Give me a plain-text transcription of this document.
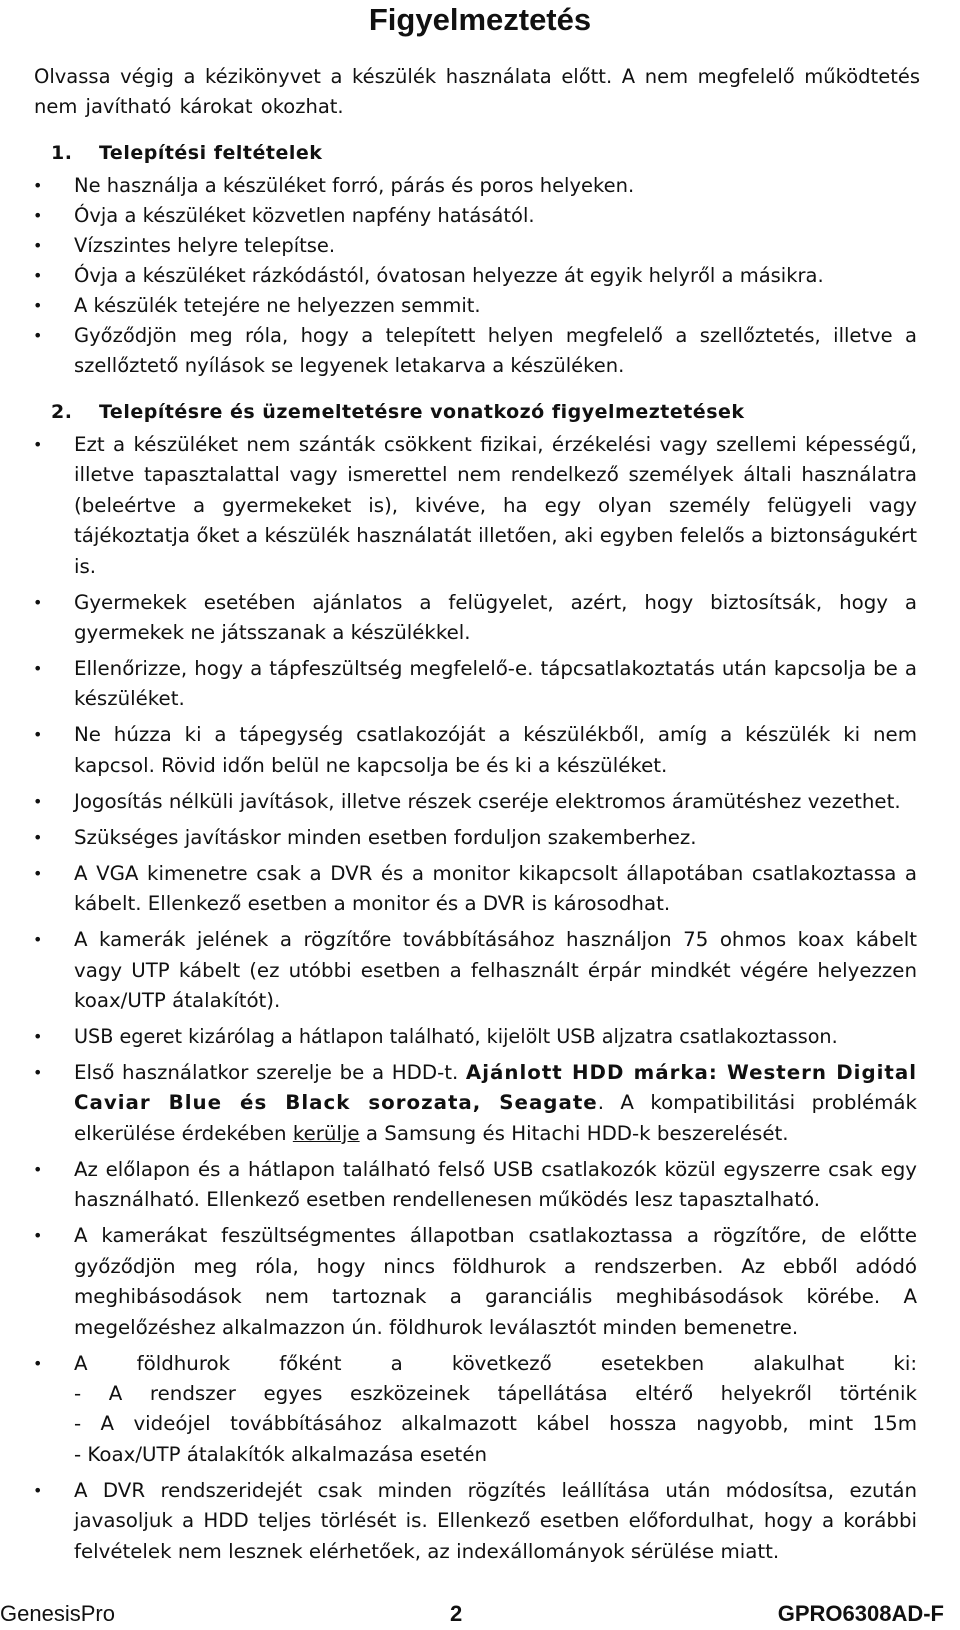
Figyelmeztetés

Olvassa végig a kézikönyvet a készülék használata előtt. A nem megfelelő működtetés nem javítható károkat okozhat.

1. Telepítési feltételek
• Ne használja a készüléket forró, párás és poros helyeken.
• Óvja a készüléket közvetlen napfény hatásától.
• Vízszintes helyre telepítse.
• Óvja a készüléket rázkódástól, óvatosan helyezze át egyik helyről a másikra.
• A készülék tetejére ne helyezzen semmit.
• Győződjön meg róla, hogy a telepített helyen megfelelő a szellőztetés, illetve a szellőztető nyílások se legyenek letakarva a készüléken.
2. Telepítésre és üzemeltetésre vonatkozó figyelmeztetések
• Ezt a készüléket nem szánták csökkent fizikai, érzékelési vagy szellemi képességű, illetve tapasztalattal vagy ismerettel nem rendelkező személyek általi használatra (beleértve a gyermekeket is), kivéve, ha egy olyan személy felügyeli vagy tájékoztatja őket a készülék használatát illetően, aki egyben felelős a biztonságukért is.
• Gyermekek esetében ajánlatos a felügyelet, azért, hogy biztosítsák, hogy a gyermekek ne játsszanak a készülékkel.
• Ellenőrizze, hogy a tápfeszültség megfelelő-e. tápcsatlakoztatás után kapcsolja be a készüléket.
• Ne húzza ki a tápegység csatlakozóját a készülékből, amíg a készülék ki nem kapcsol. Rövid időn belül ne kapcsolja be és ki a készüléket.
• Jogosítás nélküli javítások, illetve részek cseréje elektromos áramütéshez vezethet.
• Szükséges javításkor minden esetben forduljon szakemberhez.
• A VGA kimenetre csak a DVR és a monitor kikapcsolt állapotában csatlakoztassa a kábelt. Ellenkező esetben a monitor és a DVR is károsodhat.
• A kamerák jelének a rögzítőre továbbításához használjon 75 ohmos koax kábelt vagy UTP kábelt (ez utóbbi esetben a felhasznált érpár mindkét végére helyezzen koax/UTP átalakítót).
• USB egeret kizárólag a hátlapon található, kijelölt USB aljzatra csatlakoztasson.
• Első használatkor szerelje be a HDD-t. Ajánlott HDD márka: Western Digital Caviar Blue és Black sorozata, Seagate. A kompatibilitási problémák elkerülése érdekében kerülje a Samsung és Hitachi HDD-k beszerelését.
• Az előlapon és a hátlapon található felső USB csatlakozók közül egyszerre csak egy használható. Ellenkező esetben rendellenesen működés lesz tapasztalható.
• A kamerákat feszültségmentes állapotban csatlakoztassa a rögzítőre, de előtte győződjön meg róla, hogy nincs földhurok a rendszerben. Az ebből adódó meghibásodások nem tartoznak a garanciális meghibásodások körébe. A megelőzéshez alkalmazzon ún. földhurok leválasztót minden bemenetre.
• A földhurok főként a következő esetekben alakulhat ki:
- A rendszer egyes eszközeinek tápellátása eltérő helyekről történik
- A videójel továbbításához alkalmazott kábel hossza nagyobb, mint 15m
- Koax/UTP átalakítók alkalmazása esetén
• A DVR rendszeridejét csak minden rögzítés leállítása után módosítsa, ezután javasoljuk a HDD teljes törlését is. Ellenkező esetben előfordulhat, hogy a korábbi felvételek nem lesznek elérhetőek, az indexállományok sérülése miatt.
GenesisPro	2	GPRO6308AD-F
